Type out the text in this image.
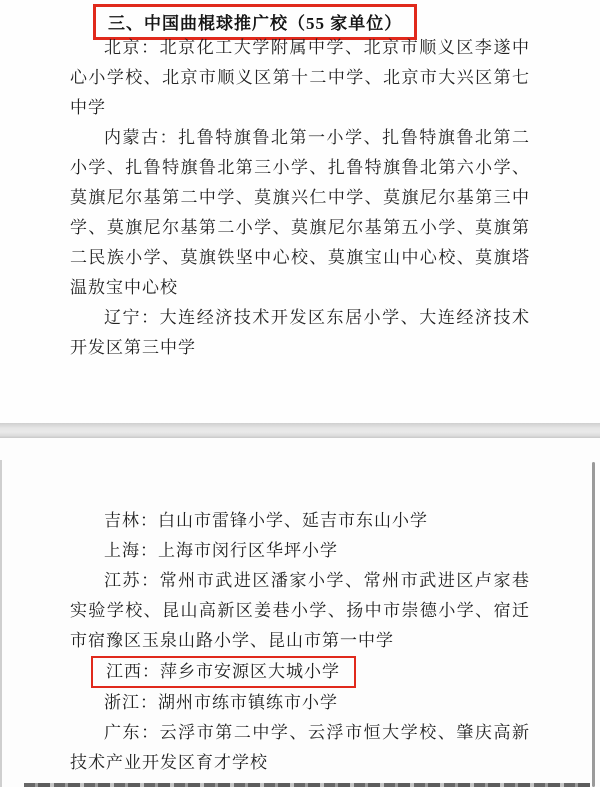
三、中国曲棍球推广校（55 家单位）

北京：北京化工大学附属中学、北京市顺义区李遂中心小学校、北京市顺义区第十二中学、北京市大兴区第七中学

内蒙古：扎鲁特旗鲁北第一小学、扎鲁特旗鲁北第二小学、扎鲁特旗鲁北第三小学、扎鲁特旗鲁北第六小学、莫旗尼尔基第二中学、莫旗兴仁中学、莫旗尼尔基第三中学、莫旗尼尔基第二小学、莫旗尼尔基第五小学、莫旗第二民族小学、莫旗铁坚中心校、莫旗宝山中心校、莫旗塔温敖宝中心校

辽宁：大连经济技术开发区东居小学、大连经济技术开发区第三中学

吉林：白山市雷锋小学、延吉市东山小学

上海：上海市闵行区华坪小学

江苏：常州市武进区潘家小学、常州市武进区卢家巷实验学校、昆山高新区姜巷小学、扬中市崇德小学、宿迁市宿豫区玉泉山路小学、昆山市第一中学

江西：萍乡市安源区大城小学

浙江：湖州市练市镇练市小学

广东：云浮市第二中学、云浮市恒大学校、肇庆高新技术产业开发区育才学校
